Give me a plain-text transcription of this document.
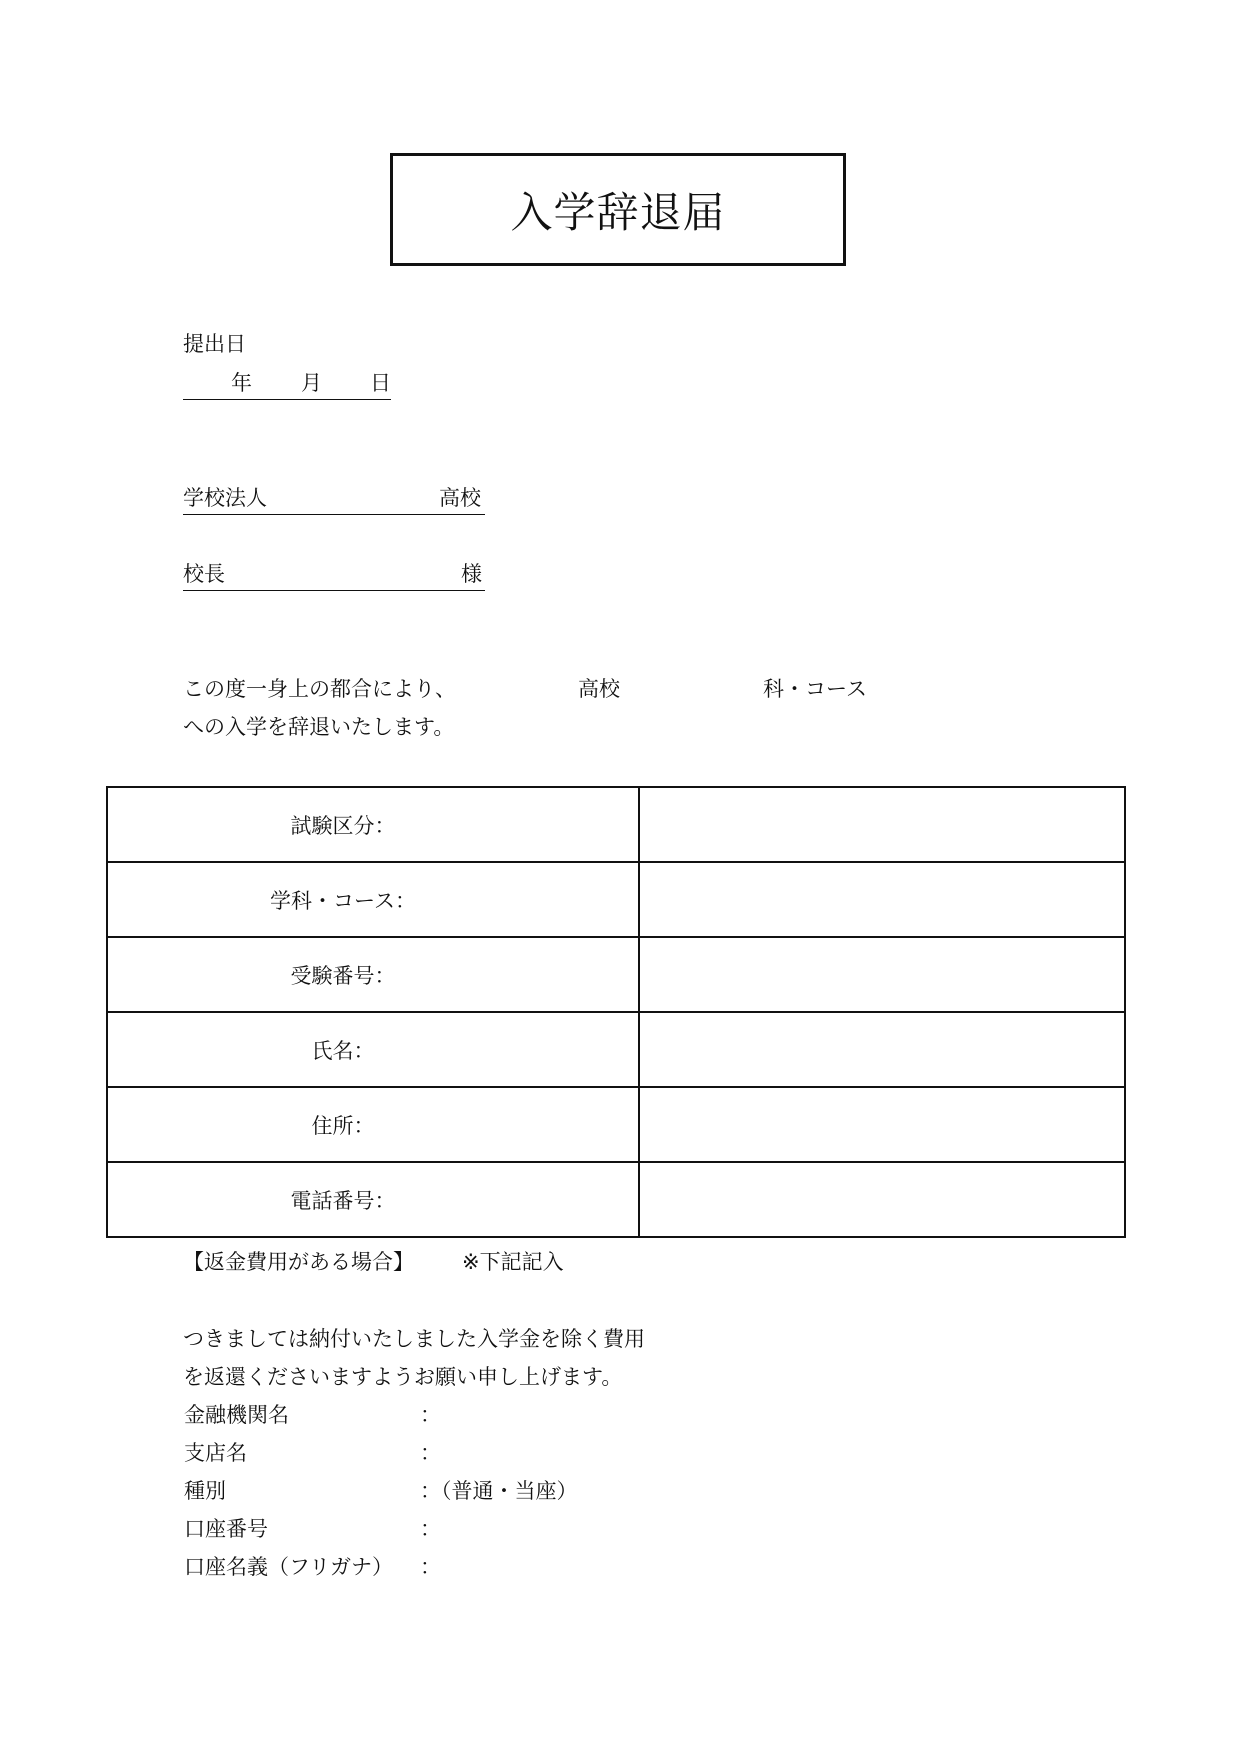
入学辞退届
提出日
年 月 日
学校法人	高校
校長	様
この度一身上の都合により、	高校	科・コース
への入学を辞退いたします。
試験区分：	
学科・コース：	
受験番号：	
氏名：	
住所：	
電話番号：	
【返金費用がある場合】 ※下記記入
つきましては納付いたしました入学金を除く費用
を返還くださいますようお願い申し上げます。
金融機関名	：
支店名	：
種別	：（普通・当座）
口座番号	：
口座名義（フリガナ） ：
